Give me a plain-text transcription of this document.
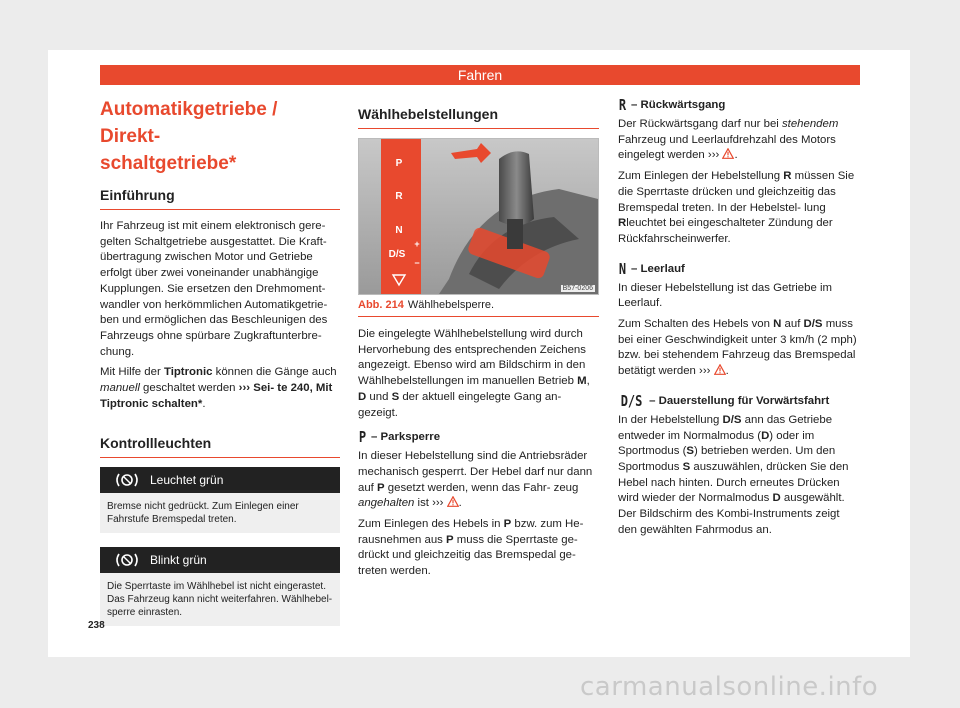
Fahren
Automatikgetriebe / Direkt-
schaltgetriebe*
Einführung

Ihr Fahrzeug ist mit einem elektronisch gere- gelten Schaltgetriebe ausgestattet. Die Kraft- übertragung zwischen Motor und Getriebe erfolgt über zwei voneinander unabhängige Kupplungen. Sie ersetzen den Drehmoment- wandler von herkömmlichen Automatikgetrie- ben und ermöglichen das Beschleunigen des Fahrzeugs ohne spürbare Zugkraftunterbre- chung.

Mit Hilfe der Tiptronic können die Gänge auch manuell geschaltet werden ››› Sei- te 240, Mit Tiptronic schalten*.

Kontrollleuchten
Leuchtet grün
Bremse nicht gedrückt. Zum Einlegen einer Fahrstufe Bremspedal treten.
Blinkt grün
Die Sperrtaste im Wählhebel ist nicht eingerastet. Das Fahrzeug kann nicht weiterfahren. Wählhebel- sperre einrasten.
Wählhebelstellungen
P
R
N
D/S
+
−
B57-0206
Abb. 214 Wählhebelsperre.

Die eingelegte Wählhebelstellung wird durch Hervorhebung des entsprechenden Zeichens angezeigt. Ebenso wird am Bildschirm in den Wählhebelstellungen im manuellen Betrieb M, D und S der aktuell eingelegte Gang an- gezeigt.

P – Parksperre

In dieser Hebelstellung sind die Antriebsräder mechanisch gesperrt. Der Hebel darf nur dann auf P gesetzt werden, wenn das Fahr- zeug angehalten ist ››› .

Zum Einlegen des Hebels in P bzw. zum He- rausnehmen aus P muss die Sperrtaste ge- drückt und gleichzeitig das Bremspedal ge- treten werden.

R – Rückwärtsgang

Der Rückwärtsgang darf nur bei stehendem Fahrzeug und Leerlaufdrehzahl des Motors eingelegt werden ››› .

Zum Einlegen der Hebelstellung R müssen Sie die Sperrtaste drücken und gleichzeitig das Bremspedal treten. In der Hebelstel- lung Rleuchtet bei eingeschalteter Zündung der Rückfahrscheinwerfer.

N – Leerlauf

In dieser Hebelstellung ist das Getriebe im Leerlauf.

Zum Schalten des Hebels von N auf D/S muss bei einer Geschwindigkeit unter 3 km/h (2 mph) bzw. bei stehendem Fahrzeug das Bremspedal betätigt werden ››› .

D/S – Dauerstellung für Vorwärtsfahrt

In der Hebelstellung D/S ann das Getriebe entweder im Normalmodus (D) oder im Sportmodus (S) betrieben werden. Um den Sportmodus S auszuwählen, drücken Sie den Hebel nach hinten. Durch erneutes Drücken wird wieder der Normalmodus D ausgewählt. Der Bildschirm des Kombi-Instruments zeigt den gewählten Fahrmodus an.

238
carmanualsonline.info
